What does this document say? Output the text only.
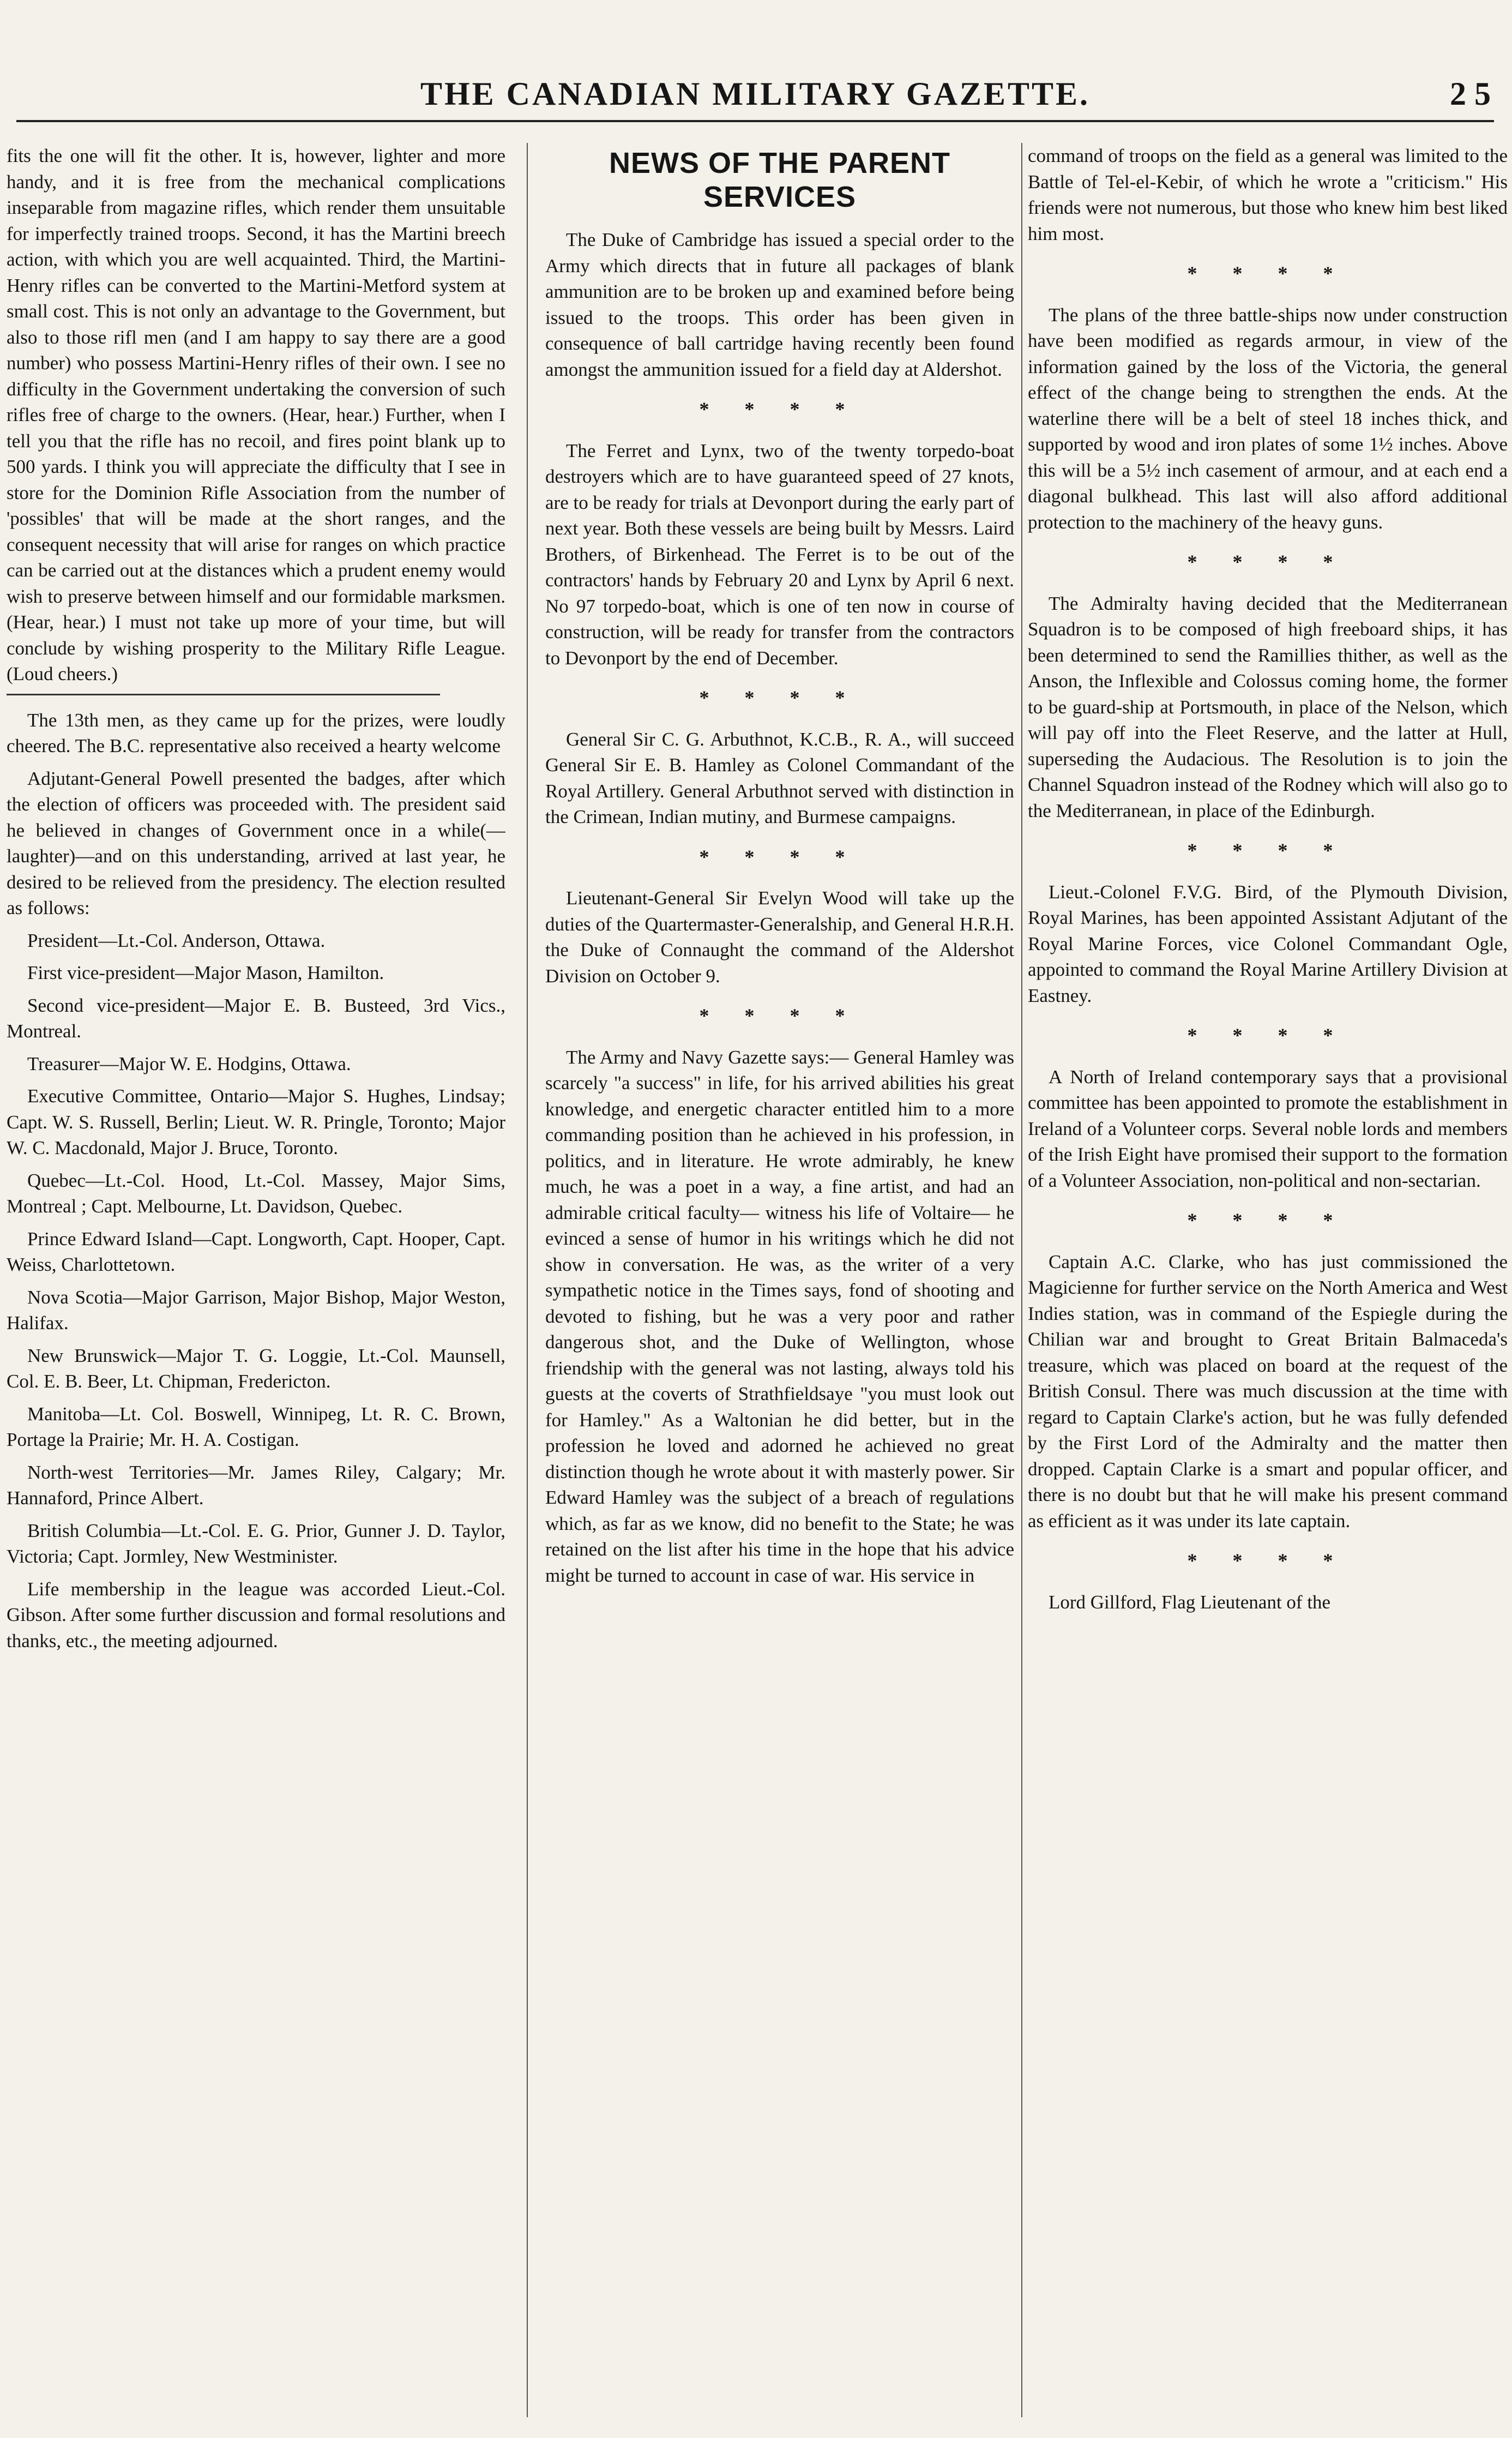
THE CANADIAN MILITARY GAZETTE.	2 5

fits the one will fit the other. It is, however, lighter and more handy, and it is free from the mechanical complications inseparable from magazine rifles, which render them unsuitable for imperfectly trained troops. Second, it has the Martini breech action, with which you are well acquainted. Third, the Martini-Henry rifles can be converted to the Martini-Metford system at small cost. This is not only an advantage to the Government, but also to those rifl men (and I am happy to say there are a good number) who possess Martini-Henry rifles of their own. I see no difficulty in the Government undertaking the conversion of such rifles free of charge to the owners. (Hear, hear.) Further, when I tell you that the rifle has no recoil, and fires point blank up to 500 yards. I think you will appreciate the difficulty that I see in store for the Dominion Rifle Association from the number of 'possibles' that will be made at the short ranges, and the consequent necessity that will arise for ranges on which practice can be carried out at the distances which a prudent enemy would wish to preserve between himself and our formidable marksmen. (Hear, hear.) I must not take up more of your time, but will conclude by wishing prosperity to the Military Rifle League. (Loud cheers.)

The 13th men, as they came up for the prizes, were loudly cheered. The B.C. representative also received a hearty welcome

Adjutant-General Powell presented the badges, after which the election of officers was proceeded with. The president said he believed in changes of Government once in a while(—laughter)—and on this understanding, arrived at last year, he desired to be relieved from the presidency. The election resulted as follows:

President—Lt.-Col. Anderson, Ottawa.

First vice-president—Major Mason, Hamilton.

Second vice-president—Major E. B. Busteed, 3rd Vics., Montreal.

Treasurer—Major W. E. Hodgins, Ottawa.

Executive Committee, Ontario—Major S. Hughes, Lindsay; Capt. W. S. Russell, Berlin; Lieut. W. R. Pringle, Toronto; Major W. C. Macdonald, Major J. Bruce, Toronto.

Quebec—Lt.-Col. Hood, Lt.-Col. Massey, Major Sims, Montreal ; Capt. Melbourne, Lt. Davidson, Quebec.

Prince Edward Island—Capt. Longworth, Capt. Hooper, Capt. Weiss, Charlottetown.

Nova Scotia—Major Garrison, Major Bishop, Major Weston, Halifax.

New Brunswick—Major T. G. Loggie, Lt.-Col. Maunsell, Col. E. B. Beer, Lt. Chipman, Fredericton.

Manitoba—Lt. Col. Boswell, Winnipeg, Lt. R. C. Brown, Portage la Prairie; Mr. H. A. Costigan.

North-west Territories—Mr. James Riley, Calgary; Mr. Hannaford, Prince Albert.

British Columbia—Lt.-Col. E. G. Prior, Gunner J. D. Taylor, Victoria; Capt. Jormley, New Westminister.

Life membership in the league was accorded Lieut.-Col. Gibson. After some further discussion and formal resolutions and thanks, etc., the meeting adjourned.

NEWS OF THE PARENT SERVICES

The Duke of Cambridge has issued a special order to the Army which directs that in future all packages of blank ammunition are to be broken up and examined before being issued to the troops. This order has been given in consequence of ball cartridge having recently been found amongst the ammunition issued for a field day at Aldershot.

* * * *

The Ferret and Lynx, two of the twenty torpedo-boat destroyers which are to have guaranteed speed of 27 knots, are to be ready for trials at Devonport during the early part of next year. Both these vessels are being built by Messrs. Laird Brothers, of Birkenhead. The Ferret is to be out of the contractors' hands by February 20 and Lynx by April 6 next. No 97 torpedo-boat, which is one of ten now in course of construction, will be ready for transfer from the contractors to Devonport by the end of December.

* * * *

General Sir C. G. Arbuthnot, K.C.B., R. A., will succeed General Sir E. B. Hamley as Colonel Commandant of the Royal Artillery. General Arbuthnot served with distinction in the Crimean, Indian mutiny, and Burmese campaigns.

* * * *

Lieutenant-General Sir Evelyn Wood will take up the duties of the Quartermaster-Generalship, and General H.R.H. the Duke of Connaught the command of the Aldershot Division on October 9.

* * * *

The Army and Navy Gazette says:— General Hamley was scarcely "a success" in life, for his arrived abilities his great knowledge, and energetic character entitled him to a more commanding position than he achieved in his profession, in politics, and in literature. He wrote admirably, he knew much, he was a poet in a way, a fine artist, and had an admirable critical faculty— witness his life of Voltaire— he evinced a sense of humor in his writings which he did not show in conversation. He was, as the writer of a very sympathetic notice in the Times says, fond of shooting and devoted to fishing, but he was a very poor and rather dangerous shot, and the Duke of Wellington, whose friendship with the general was not lasting, always told his guests at the coverts of Strathfieldsaye "you must look out for Hamley." As a Waltonian he did better, but in the profession he loved and adorned he achieved no great distinction though he wrote about it with masterly power. Sir Edward Hamley was the subject of a breach of regulations which, as far as we know, did no benefit to the State; he was retained on the list after his time in the hope that his advice might be turned to account in case of war. His service in

command of troops on the field as a general was limited to the Battle of Tel-el-Kebir, of which he wrote a "criticism." His friends were not numerous, but those who knew him best liked him most.

* * * *

The plans of the three battle-ships now under construction have been modified as regards armour, in view of the information gained by the loss of the Victoria, the general effect of the change being to strengthen the ends. At the waterline there will be a belt of steel 18 inches thick, and supported by wood and iron plates of some 1½ inches. Above this will be a 5½ inch casement of armour, and at each end a diagonal bulkhead. This last will also afford additional protection to the machinery of the heavy guns.

* * * *

The Admiralty having decided that the Mediterranean Squadron is to be composed of high freeboard ships, it has been determined to send the Ramillies thither, as well as the Anson, the Inflexible and Colossus coming home, the former to be guard-ship at Portsmouth, in place of the Nelson, which will pay off into the Fleet Reserve, and the latter at Hull, superseding the Audacious. The Resolution is to join the Channel Squadron instead of the Rodney which will also go to the Mediterranean, in place of the Edinburgh.

* * * *

Lieut.-Colonel F.V.G. Bird, of the Plymouth Division, Royal Marines, has been appointed Assistant Adjutant of the Royal Marine Forces, vice Colonel Commandant Ogle, appointed to command the Royal Marine Artillery Division at Eastney.

* * * *

A North of Ireland contemporary says that a provisional committee has been appointed to promote the establishment in Ireland of a Volunteer corps. Several noble lords and members of the Irish Eight have promised their support to the formation of a Volunteer Association, non-political and non-sectarian.

* * * *

Captain A.C. Clarke, who has just commissioned the Magicienne for further service on the North America and West Indies station, was in command of the Espiegle during the Chilian war and brought to Great Britain Balmaceda's treasure, which was placed on board at the request of the British Consul. There was much discussion at the time with regard to Captain Clarke's action, but he was fully defended by the First Lord of the Admiralty and the matter then dropped. Captain Clarke is a smart and popular officer, and there is no doubt but that he will make his present command as efficient as it was under its late captain.

* * * *

Lord Gillford, Flag Lieutenant of the
